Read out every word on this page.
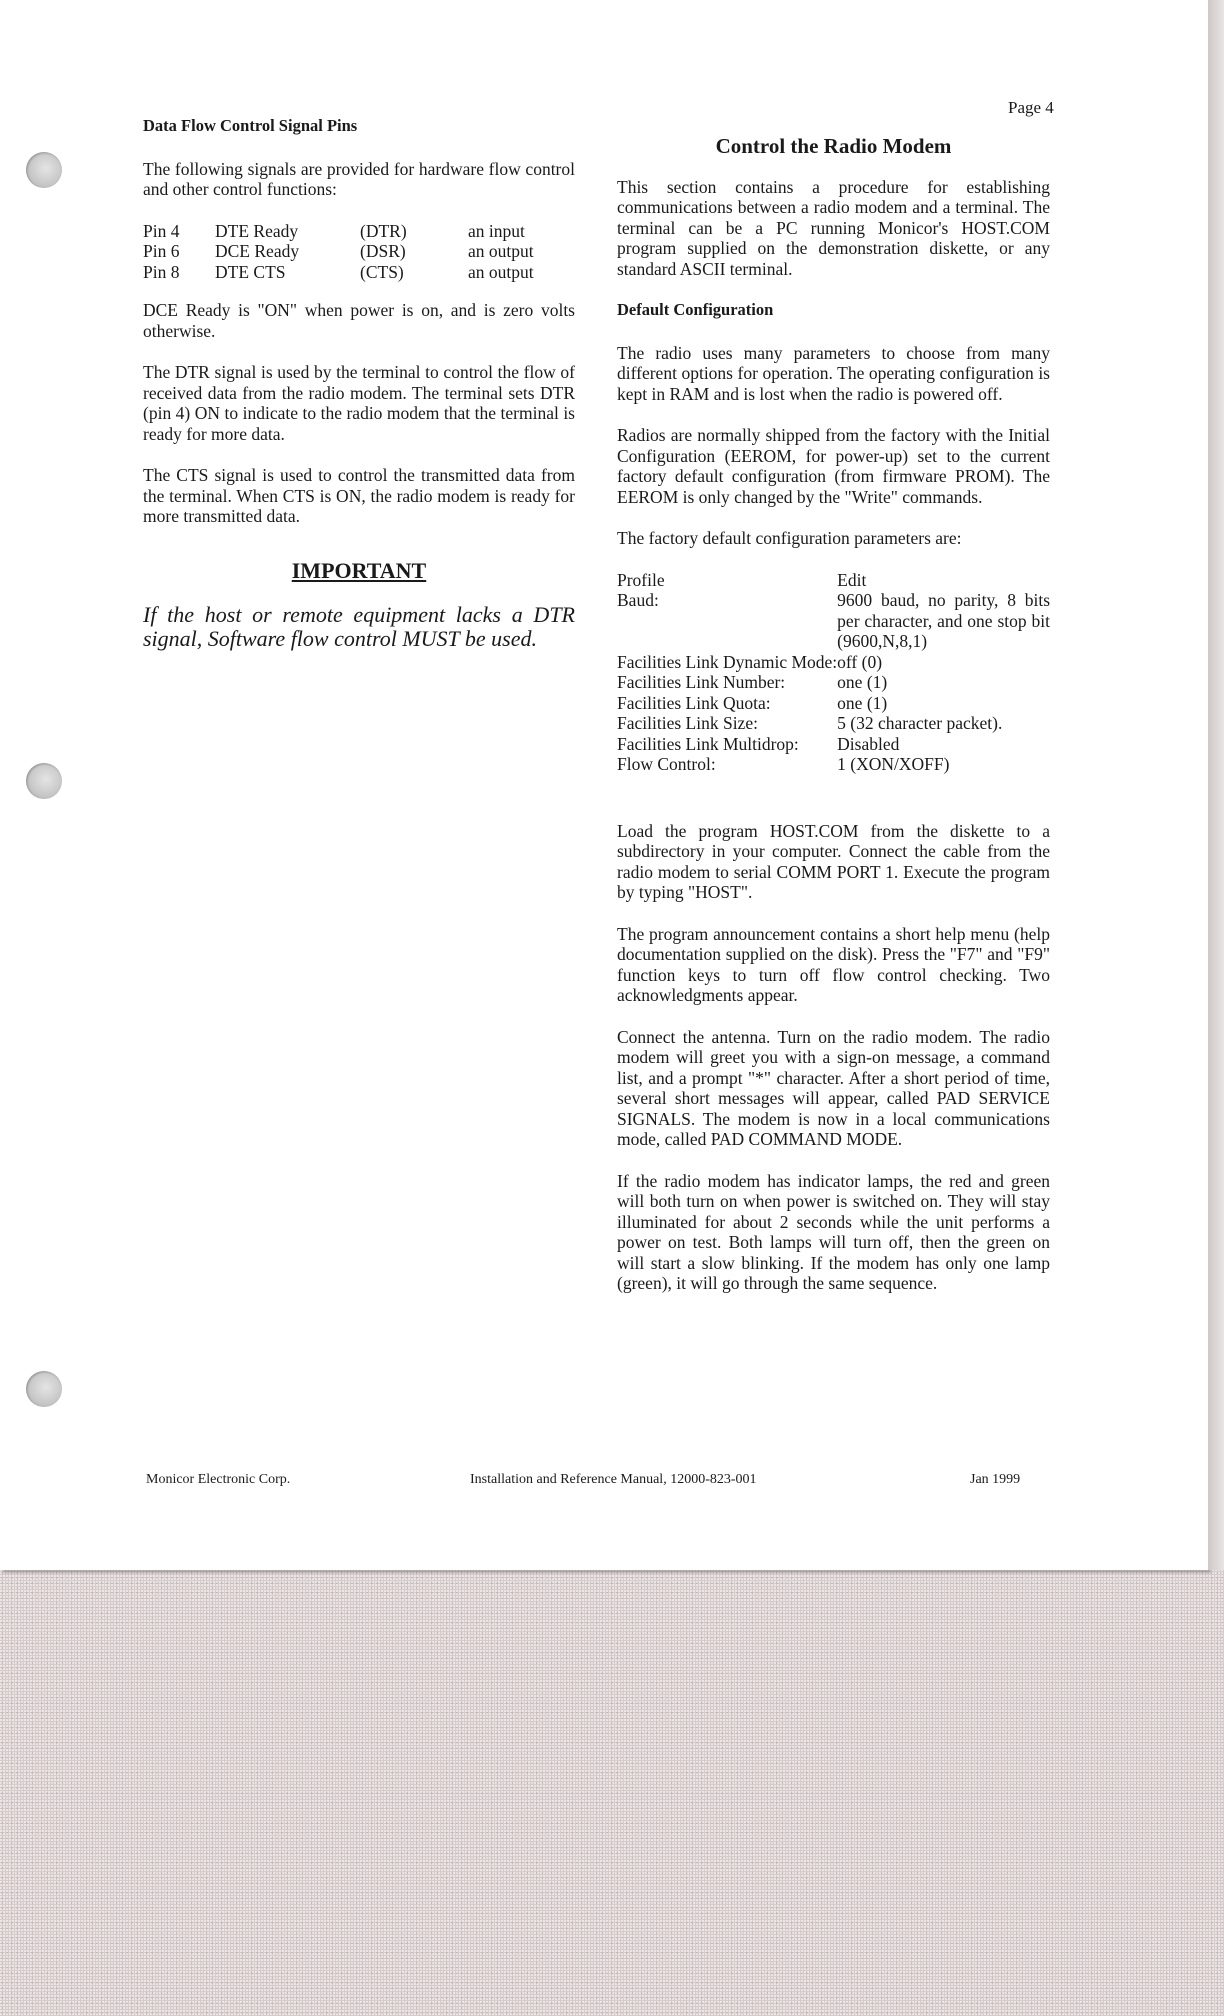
Page 4
Data Flow Control Signal Pins

The following signals are provided for hardware flow control and other control functions:

Pin 4	DTE Ready	(DTR)	an input
Pin 6	DCE Ready	(DSR)	an output
Pin 8	DTE CTS	(CTS)	an output

DCE Ready is "ON" when power is on, and is zero volts otherwise.

The DTR signal is used by the terminal to control the flow of received data from the radio modem. The terminal sets DTR (pin 4) ON to indicate to the radio modem that the terminal is ready for more data.

The CTS signal is used to control the transmitted data from the terminal. When CTS is ON, the radio modem is ready for more transmitted data.

IMPORTANT
If the host or remote equipment lacks a DTR signal, Software flow control MUST be used.
Control the Radio Modem

This section contains a procedure for establishing communications between a radio modem and a terminal. The terminal can be a PC running Monicor's HOST.COM program supplied on the demonstration diskette, or any standard ASCII terminal.

Default Configuration

The radio uses many parameters to choose from many different options for operation. The operating configuration is kept in RAM and is lost when the radio is powered off.

Radios are normally shipped from the factory with the Initial Configuration (EEROM, for power-up) set to the current factory default configuration (from firmware PROM). The EEROM is only changed by the "Write" commands.

The factory default configuration parameters are:

Profile	Edit
Baud:	9600 baud, no parity, 8 bits per character, and one stop bit (9600,N,8,1)
Facilities Link Dynamic Mode:	off (0)
Facilities Link Number:	one (1)
Facilities Link Quota:	one (1)
Facilities Link Size:	5 (32 character packet).
Facilities Link Multidrop:	Disabled
Flow Control:	1 (XON/XOFF)

Load the program HOST.COM from the diskette to a subdirectory in your computer. Connect the cable from the radio modem to serial COMM PORT 1. Execute the program by typing "HOST".

The program announcement contains a short help menu (help documentation supplied on the disk). Press the "F7" and "F9" function keys to turn off flow control checking. Two acknowledgments appear.

Connect the antenna. Turn on the radio modem. The radio modem will greet you with a sign-on message, a command list, and a prompt "*" character. After a short period of time, several short messages will appear, called PAD SERVICE SIGNALS. The modem is now in a local communications mode, called PAD COMMAND MODE.

If the radio modem has indicator lamps, the red and green will both turn on when power is switched on. They will stay illuminated for about 2 seconds while the unit performs a power on test. Both lamps will turn off, then the green on will start a slow blinking. If the modem has only one lamp (green), it will go through the same sequence.

Monicor Electronic Corp.	Installation and Reference Manual, 12000-823-001	Jan 1999
